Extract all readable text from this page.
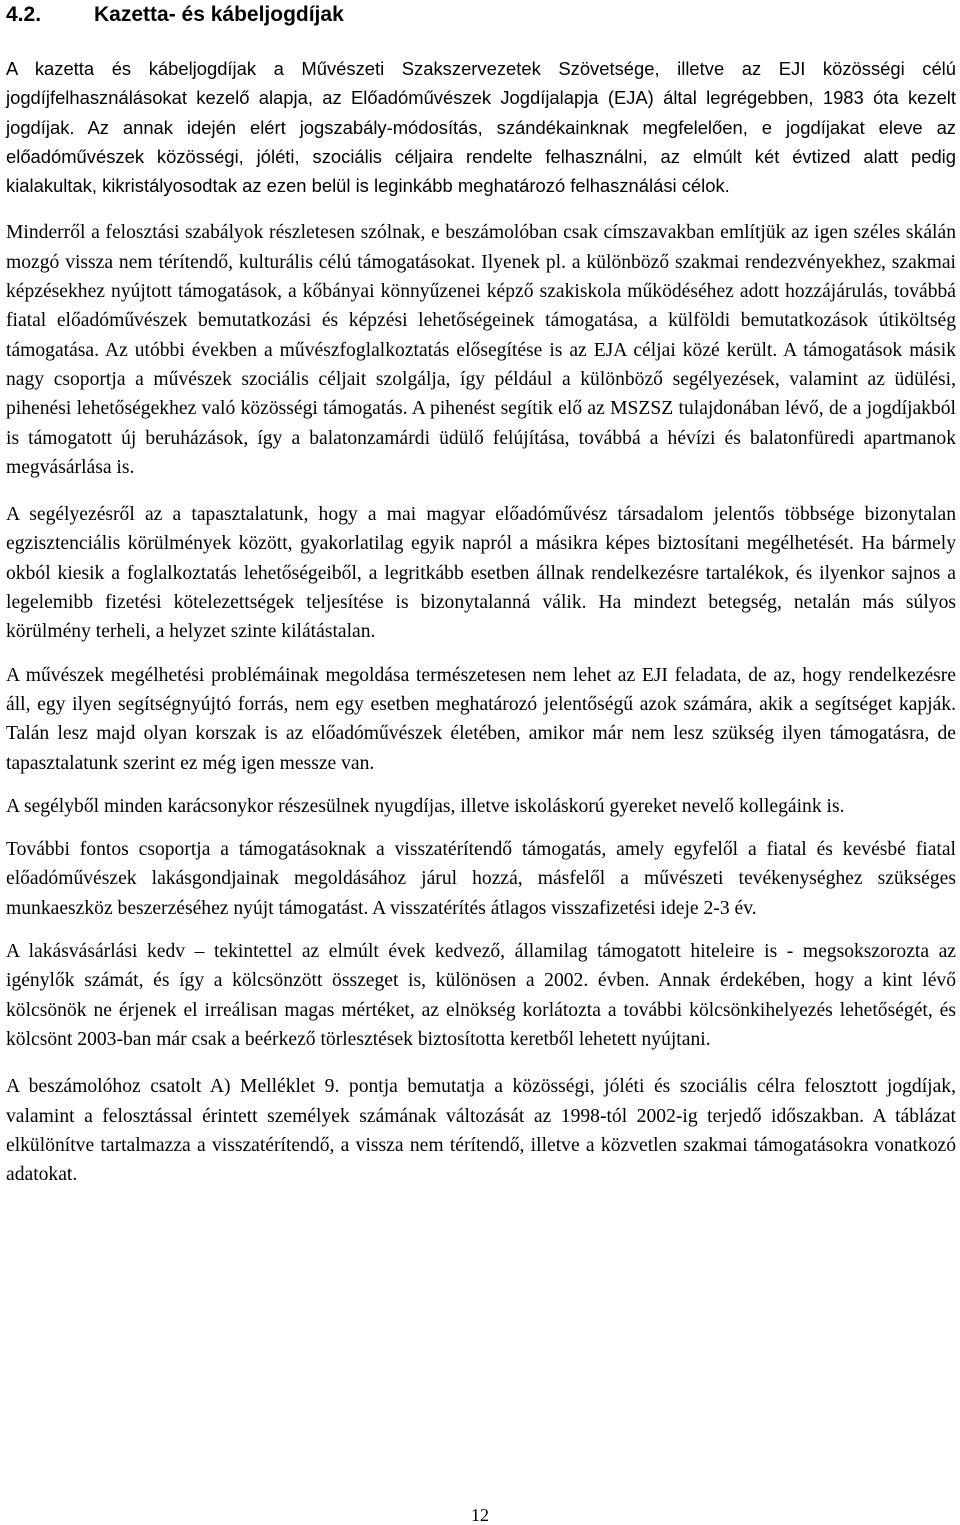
4.2.	Kazetta- és kábeljogdíjak

A kazetta és kábeljogdíjak a Művészeti Szakszervezetek Szövetsége, illetve az EJI közösségi célú jogdíjfelhasználásokat kezelő alapja, az Előadóművészek Jogdíjalapja (EJA) által legrégebben, 1983 óta kezelt jogdíjak. Az annak idején elért jogszabály-módosítás, szándékainknak megfelelően, e jogdíjakat eleve az előadóművészek közösségi, jóléti, szociális céljaira rendelte felhasználni, az elmúlt két évtized alatt pedig kialakultak, kikristályosodtak az ezen belül is leginkább meghatározó felhasználási célok.

Minderről a felosztási szabályok részletesen szólnak, e beszámolóban csak címszavakban említjük az igen széles skálán mozgó vissza nem térítendő, kulturális célú támogatásokat. Ilyenek pl. a különböző szakmai rendezvényekhez, szakmai képzésekhez nyújtott támogatások, a kőbányai könnyűzenei képző szakiskola működéséhez adott hozzájárulás, továbbá fiatal előadóművészek bemutatkozási és képzési lehetőségeinek támogatása, a külföldi bemutatkozások útiköltség támogatása. Az utóbbi években a művészfoglalkoztatás elősegítése is az EJA céljai közé került. A támogatások másik nagy csoportja a művészek szociális céljait szolgálja, így például a különböző segélyezések, valamint az üdülési, pihenési lehetőségekhez való közösségi támogatás. A pihenést segítik elő az MSZSZ tulajdonában lévő, de a jogdíjakból is támogatott új beruházások, így a balatonzamárdi üdülő felújítása, továbbá a hévízi és balatonfüredi apartmanok megvásárlása is.

A segélyezésről az a tapasztalatunk, hogy a mai magyar előadóművész társadalom jelentős többsége bizonytalan egzisztenciális körülmények között, gyakorlatilag egyik napról a másikra képes biztosítani megélhetését. Ha bármely okból kiesik a foglalkoztatás lehetőségeiből, a legritkább esetben állnak rendelkezésre tartalékok, és ilyenkor sajnos a legelemibb fizetési kötelezettségek teljesítése is bizonytalanná válik. Ha mindezt betegség, netalán más súlyos körülmény terheli, a helyzet szinte kilátástalan.

A művészek megélhetési problémáinak megoldása természetesen nem lehet az EJI feladata, de az, hogy rendelkezésre áll, egy ilyen segítségnyújtó forrás, nem egy esetben meghatározó jelentőségű azok számára, akik a segítséget kapják. Talán lesz majd olyan korszak is az előadóművészek életében, amikor már nem lesz szükség ilyen támogatásra, de tapasztalatunk szerint ez még igen messze van.

A segélyből minden karácsonykor részesülnek nyugdíjas, illetve iskoláskorú gyereket nevelő kollegáink is.

További fontos csoportja a támogatásoknak a visszatérítendő támogatás, amely egyfelől a fiatal és kevésbé fiatal előadóművészek lakásgondjainak megoldásához járul hozzá, másfelől a művészeti tevékenységhez szükséges munkaeszköz beszerzéséhez nyújt támogatást. A visszatérítés átlagos visszafizetési ideje 2-3 év.

A lakásvásárlási kedv – tekintettel az elmúlt évek kedvező, államilag támogatott hiteleire is - megsokszorozta az igénylők számát, és így a kölcsönzött összeget is, különösen a 2002. évben. Annak érdekében, hogy a kint lévő kölcsönök ne érjenek el irreálisan magas mértéket, az elnökség korlátozta a további kölcsönkihelyezés lehetőségét, és kölcsönt 2003-ban már csak a beérkező törlesztések biztosította keretből lehetett nyújtani.

A beszámolóhoz csatolt A) Melléklet 9. pontja bemutatja a közösségi, jóléti és szociális célra felosztott jogdíjak, valamint a felosztással érintett személyek számának változását az 1998-tól 2002-ig terjedő időszakban. A táblázat elkülönítve tartalmazza a visszatérítendő, a vissza nem térítendő, illetve a közvetlen szakmai támogatásokra vonatkozó adatokat.

12
